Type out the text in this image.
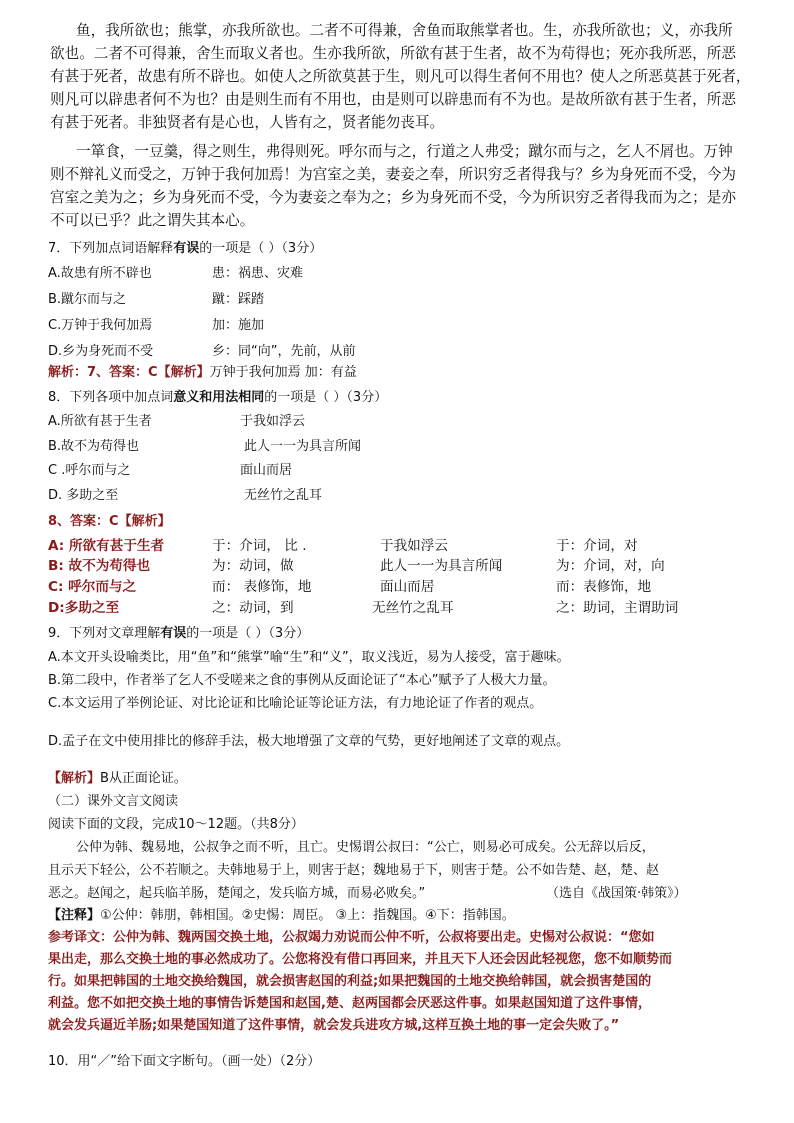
鱼，我所欲也；熊掌，亦我所欲也。二者不可得兼，舍鱼而取熊掌者也。生，亦我所欲也；义，亦我所
欲也。二者不可得兼，舍生而取义者也。生亦我所欲，所欲有甚于生者，故不为苟得也；死亦我所恶，所恶
有甚于死者，故患有所不辟也。如使人之所欲莫甚于生，则凡可以得生者何不用也？使人之所恶莫甚于死者，
则凡可以辟患者何不为也？由是则生而有不用也，由是则可以辟患而有不为也。是故所欲有甚于生者，所恶
有甚于死者。非独贤者有是心也，人皆有之，贤者能勿丧耳。
一箪食，一豆羹，得之则生，弗得则死。呼尔而与之，行道之人弗受；蹴尔而与之，乞人不屑也。万钟
则不辩礼义而受之，万钟于我何加焉！为宫室之美，妻妾之奉，所识穷乏者得我与？乡为身死而不受，今为
宫室之美为之；乡为身死而不受，今为妻妾之奉为之；乡为身死而不受，今为所识穷乏者得我而为之；是亦
不可以已乎？此之谓失其本心。
7．下列加点词语解释有误的一项是（ ）（3分）
A.故患有所不辟也	患：祸患、灾难
B.蹴尔而与之	蹴：踩踏
C.万钟于我何加焉	加：施加
D.乡为身死而不受	乡：同“向”，先前，从前
解析：7、答案：C【解析】万钟于我何加焉 加：有益
8．下列各项中加点词意义和用法相同的一项是（ ）（3分）
A.所欲有甚于生者	于我如浮云
B.故不为苟得也	此人一一为具言所闻
C .呼尔而与之	面山而居
D. 多助之至	无丝竹之乱耳
8、答案：C【解析】
A: 所欲有甚于生者	于：介词， 比 .	于我如浮云	于：介词，对
B: 故不为苟得也	为：动词，做	此人一一为具言所闻	为：介词，对，向
C: 呼尔而与之	而： 表修饰，地	面山而居	而：表修饰，地
D:多助之至	之：动词，到	无丝竹之乱耳	之：助词，主谓助词
9．下列对文章理解有误的一项是（ ）（3分）
A.本文开头设喻类比，用“鱼”和“熊掌”喻“生”和“义”，取义浅近，易为人接受，富于趣味。
B.第二段中，作者举了乞人不受嗟来之食的事例从反面论证了“本心”赋予了人极大力量。
C.本文运用了举例论证、对比论证和比喻论证等论证方法，有力地论证了作者的观点。
D.孟子在文中使用排比的修辞手法，极大地增强了文章的气势，更好地阐述了文章的观点。
【解析】B从正面论证。
（二）课外文言文阅读
阅读下面的文段，完成10～12题。（共8分）
公仲为韩、魏易地，公叔争之而不听，且亡。史惕谓公叔曰：“公亡，则易必可成矣。公无辞以后反，
且示天下轻公，公不若顺之。夫韩地易于上，则害于赵；魏地易于下，则害于楚。公不如告楚、赵，楚、赵
恶之。赵闻之，起兵临羊肠，楚闻之，发兵临方城，而易必败矣。”	（选自《战国策·韩策》）
【注释】①公仲：韩朋，韩相国。②史惕：周臣。 ③上：指魏国。④下：指韩国。
参考译文：公仲为韩、魏两国交换土地，公叔竭力劝说而公仲不听，公叔将要出走。史惕对公叔说：“您如
果出走，那么交换土地的事必然成功了。公您将没有借口再回来，并且天下人还会因此轻视您，您不如顺势而
行。如果把韩国的土地交换给魏国，就会损害赵国的利益;如果把魏国的土地交换给韩国，就会损害楚国的
利益。您不如把交换土地的事情告诉楚国和赵国,楚、赵两国都会厌恶这件事。如果赵国知道了这件事情，
就会发兵逼近羊肠;如果楚国知道了这件事情，就会发兵进攻方城,这样互换土地的事一定会失败了。”
10．用“／”给下面文字断句。（画一处）（2分）
